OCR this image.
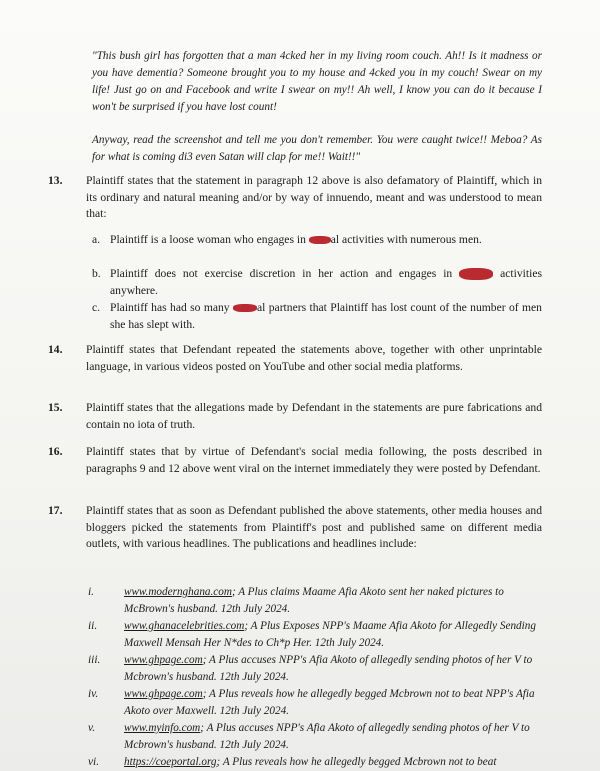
"This bush girl has forgotten that a man 4cked her in my living room couch. Ah!! Is it madness or you have dementia? Someone brought you to my house and 4cked you in my couch! Swear on my life! Just go on and Facebook and write I swear on my!! Ah well, I know you can do it because I won't be surprised if you have lost count!
Anyway, read the screenshot and tell me you don't remember. You were caught twice!! Meboa? As for what is coming di3 even Satan will clap for me!! Wait!!"
13. Plaintiff states that the statement in paragraph 12 above is also defamatory of Plaintiff, which in its ordinary and natural meaning and/or by way of innuendo, meant and was understood to mean that:
a. Plaintiff is a loose woman who engages in al activities with numerous men.
b. Plaintiff does not exercise discretion in her action and engages in	activities anywhere.
c. Plaintiff has had so many al partners that Plaintiff has lost count of the number of men she has slept with.
14. Plaintiff states that Defendant repeated the statements above, together with other unprintable language, in various videos posted on YouTube and other social media platforms.
15. Plaintiff states that the allegations made by Defendant in the statements are pure fabrications and contain no iota of truth.
16. Plaintiff states that by virtue of Defendant's social media following, the posts described in paragraphs 9 and 12 above went viral on the internet immediately they were posted by Defendant.
17. Plaintiff states that as soon as Defendant published the above statements, other media houses and bloggers picked the statements from Plaintiff's post and published same on different media outlets, with various headlines. The publications and headlines include:
i.	www.modernghana.com; A Plus claims Maame Afia Akoto sent her naked pictures to McBrown's husband. 12th July 2024.
ii. www.ghanacelebrities.com; A Plus Exposes NPP's Maame Afia Akoto for Allegedly Sending Maxwell Mensah Her N*des to Ch*p Her. 12th July 2024.
iii. www.ghpage.com; A Plus accuses NPP's Afia Akoto of allegedly sending photos of her V to Mcbrown's husband. 12th July 2024.
iv. www.ghpage.com; A Plus reveals how he allegedly begged Mcbrown not to beat NPP's Afia Akoto over Maxwell. 12th July 2024.
v.	www.myinfo.com; A Plus accuses NPP's Afia Akoto of allegedly sending photos of her V to Mcbrown's husband. 12th July 2024.
vi. https://coeportal.org; A Plus reveals how he allegedly begged Mcbrown not to beat
